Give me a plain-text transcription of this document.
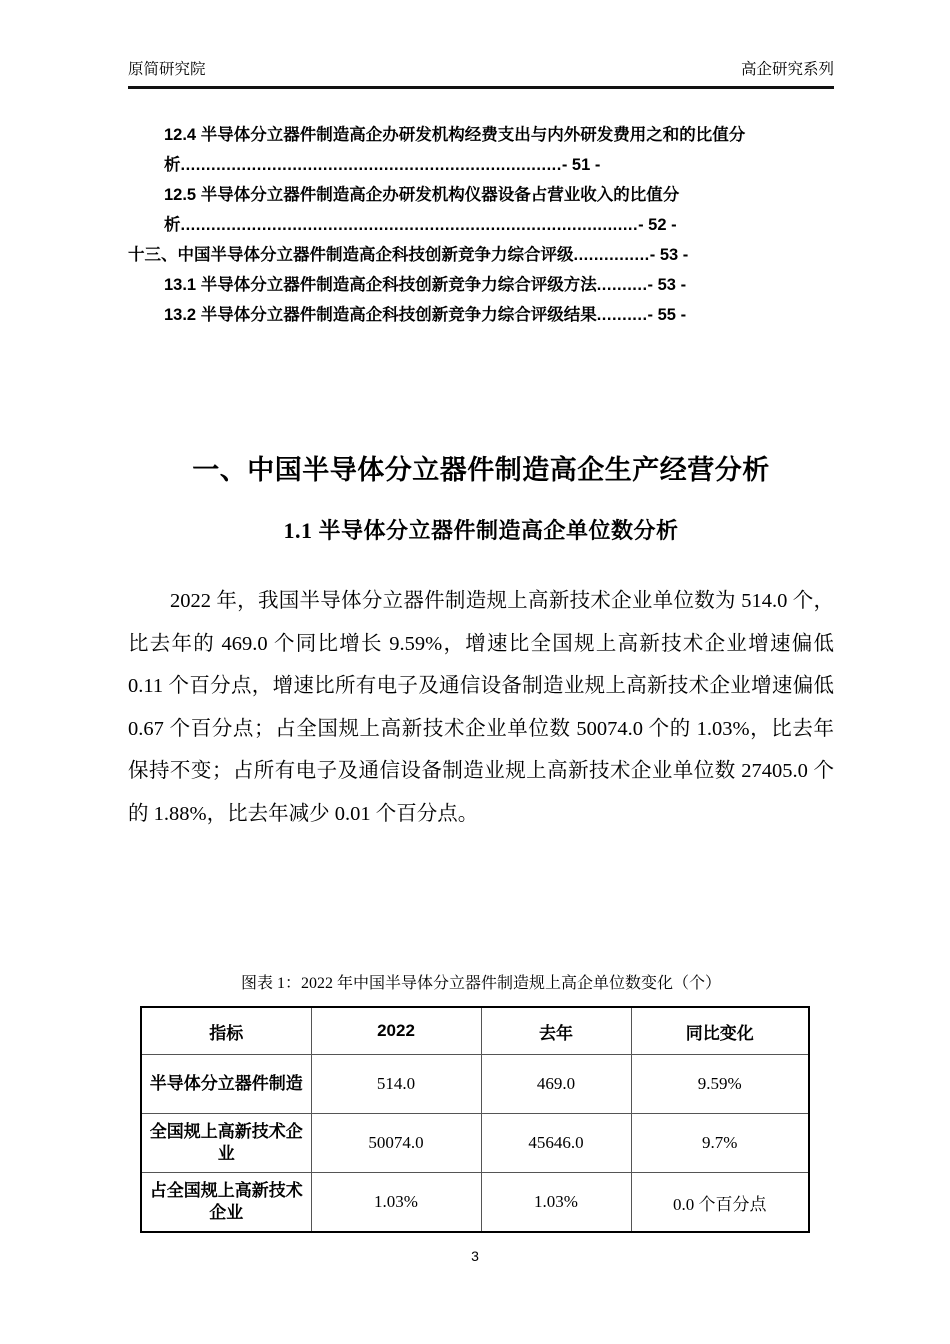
原简研究院	高企研究系列
12.4 半导体分立器件制造高企办研发机构经费支出与内外研发费用之和的比值分析...........................................................................- 51 -
12.5 半导体分立器件制造高企办研发机构仪器设备占营业收入的比值分析..........................................................................................- 52 -
十三、中国半导体分立器件制造高企科技创新竞争力综合评级...............- 53 -
13.1 半导体分立器件制造高企科技创新竞争力综合评级方法..........- 53 -
13.2 半导体分立器件制造高企科技创新竞争力综合评级结果..........- 55 -
一、中国半导体分立器件制造高企生产经营分析
1.1 半导体分立器件制造高企单位数分析
2022 年，我国半导体分立器件制造规上高新技术企业单位数为 514.0 个，比去年的 469.0 个同比增长 9.59%，增速比全国规上高新技术企业增速偏低 0.11 个百分点，增速比所有电子及通信设备制造业规上高新技术企业增速偏低 0.67 个百分点；占全国规上高新技术企业单位数 50074.0 个的 1.03%，比去年保持不变；占所有电子及通信设备制造业规上高新技术企业单位数 27405.0 个的 1.88%，比去年减少 0.01 个百分点。
图表 1：2022 年中国半导体分立器件制造规上高企单位数变化（个）
指标	2022	去年	同比变化
半导体分立器件制造	514.0	469.0	9.59%
全国规上高新技术企业	50074.0	45646.0	9.7%
占全国规上高新技术企业	1.03%	1.03%	0.0 个百分点
3
